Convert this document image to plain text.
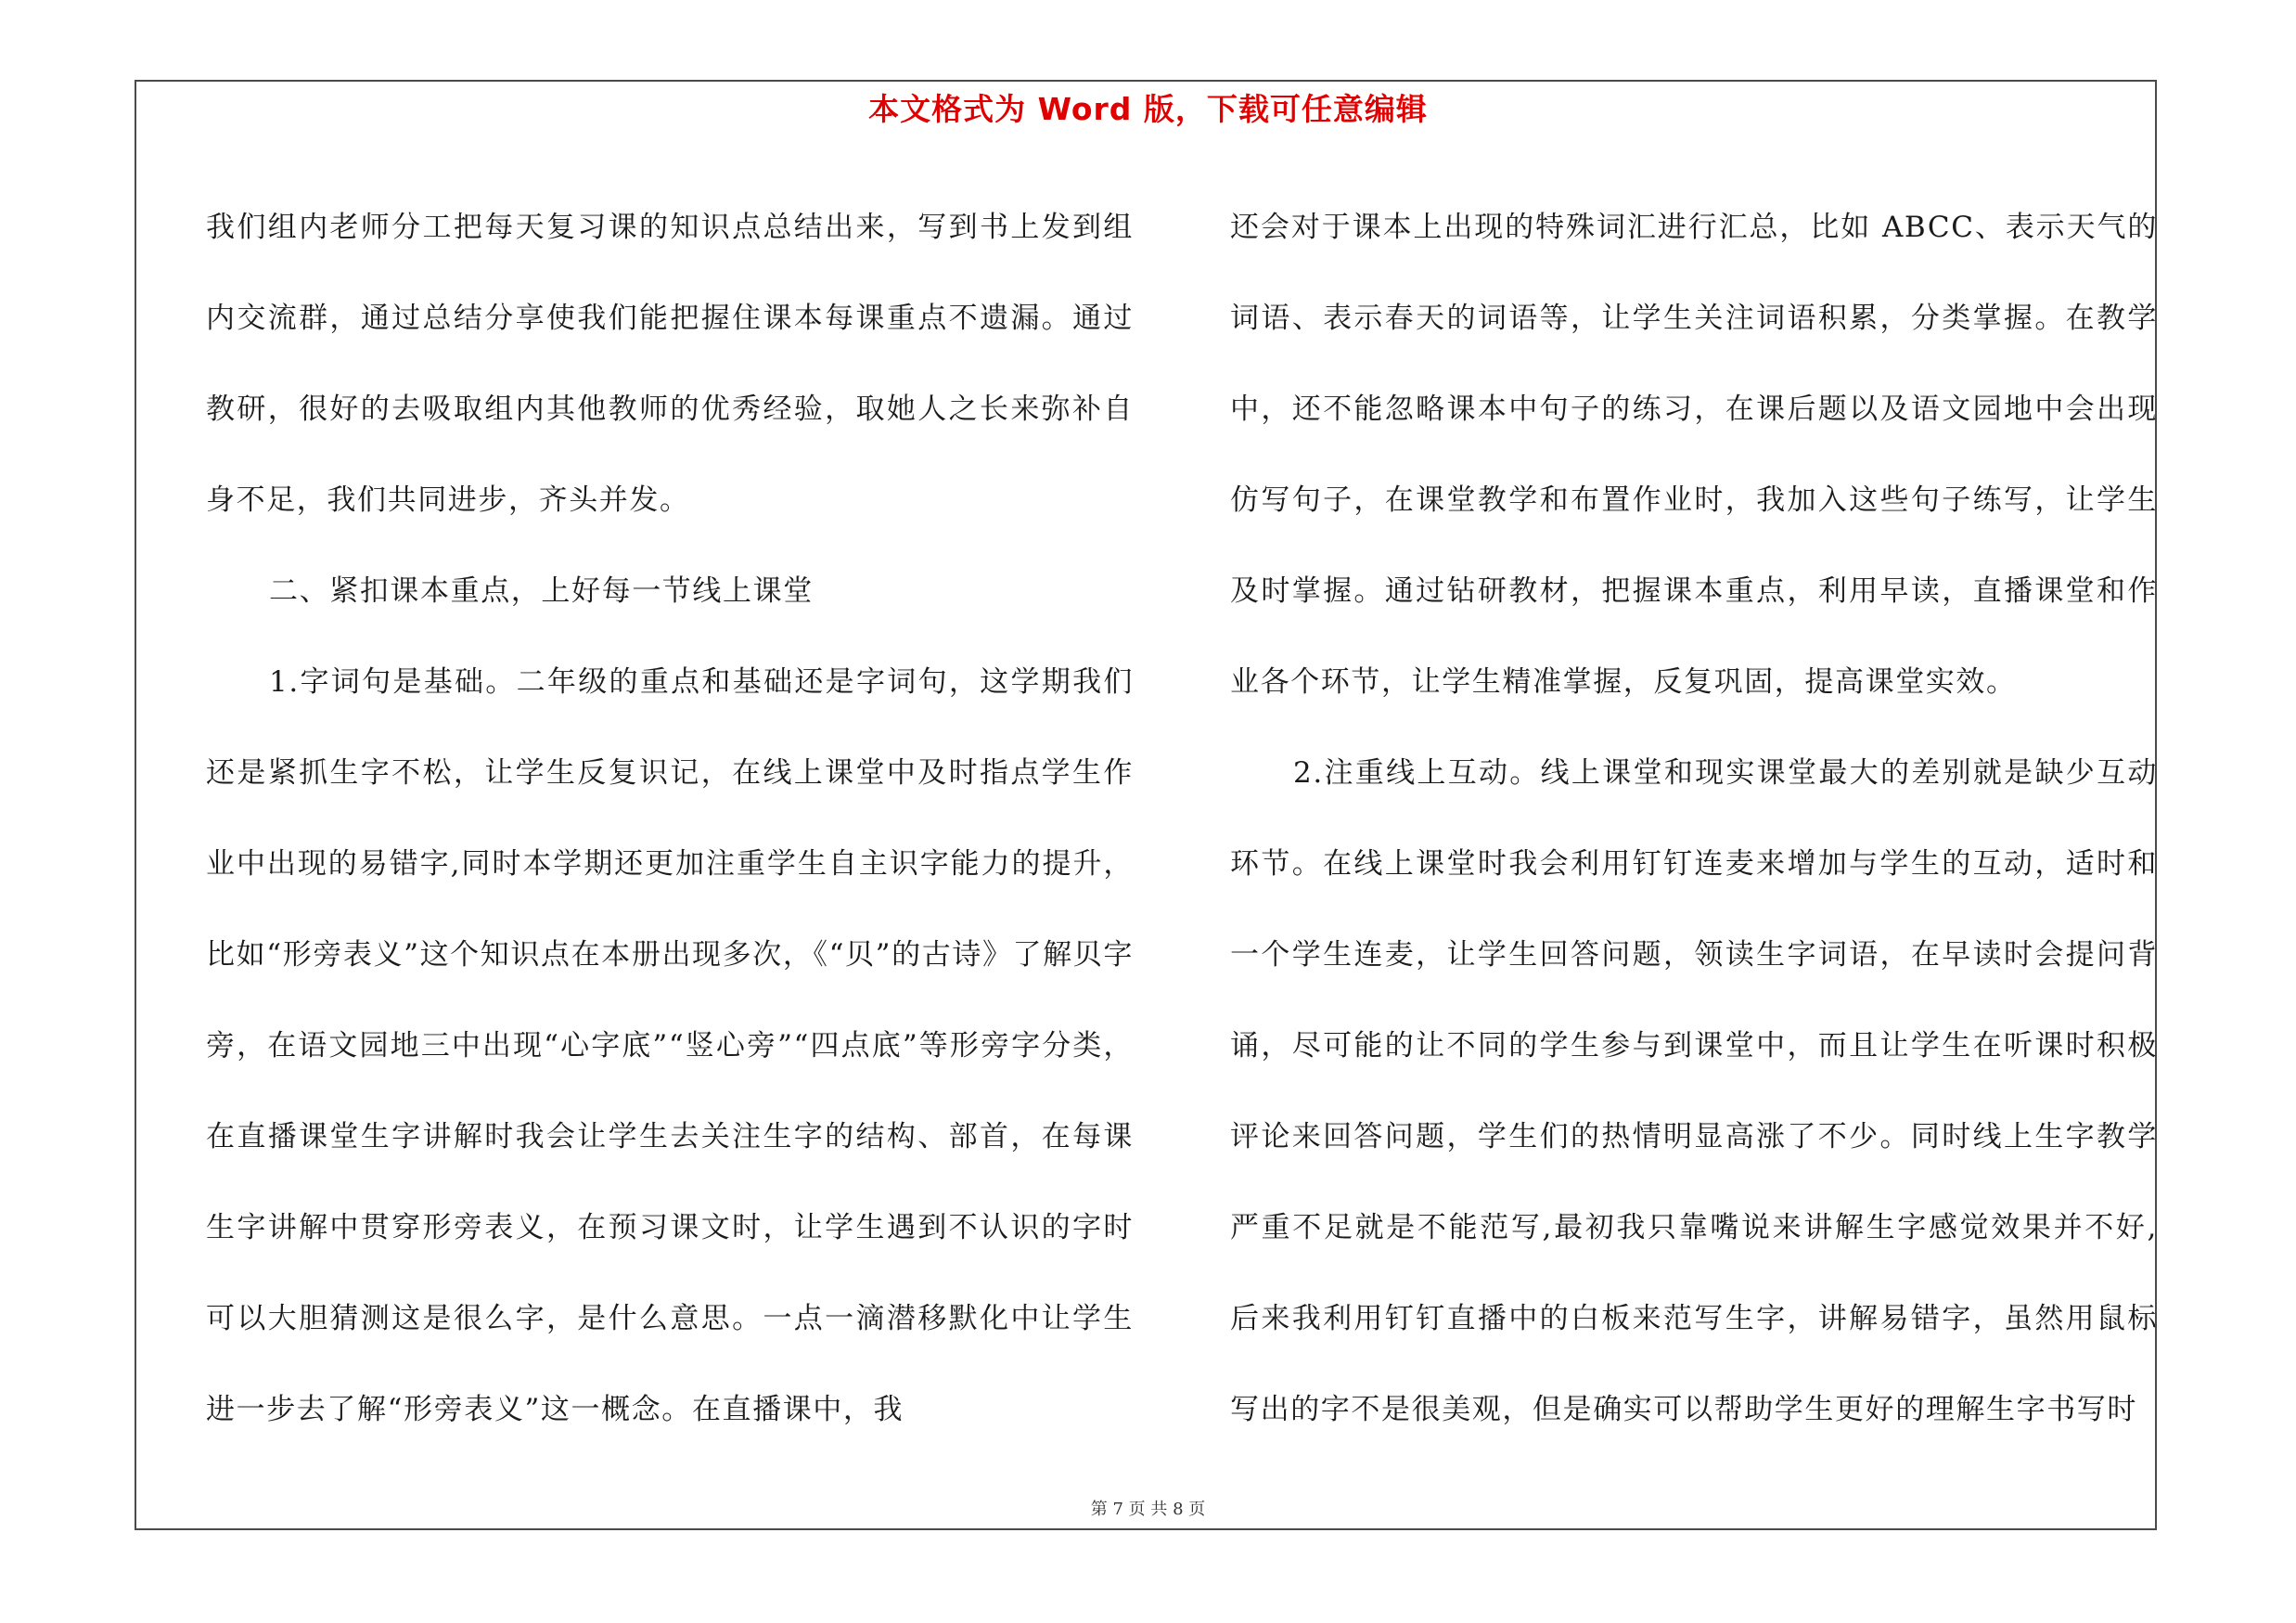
本文格式为 Word 版，下载可任意编辑

我们组内老师分工把每天复习课的知识点总结出来，写到书上发到组内交流群，通过总结分享使我们能把握住课本每课重点不遗漏。通过教研，很好的去吸取组内其他教师的优秀经验，取她人之长来弥补自身不足，我们共同进步，齐头并发。

二、紧扣课本重点，上好每一节线上课堂

1.字词句是基础。二年级的重点和基础还是字词句，这学期我们还是紧抓生字不松，让学生反复识记，在线上课堂中及时指点学生作业中出现的易错字,同时本学期还更加注重学生自主识字能力的提升，比如“形旁表义”这个知识点在本册出现多次，《“贝”的古诗》了解贝字旁，在语文园地三中出现“心字底”“竖心旁”“四点底”等形旁字分类，在直播课堂生字讲解时我会让学生去关注生字的结构、部首，在每课生字讲解中贯穿形旁表义，在预习课文时，让学生遇到不认识的字时可以大胆猜测这是很么字，是什么意思。一点一滴潜移默化中让学生进一步去了解“形旁表义”这一概念。在直播课中，我

还会对于课本上出现的特殊词汇进行汇总，比如 ABCC、表示天气的词语、表示春天的词语等，让学生关注词语积累，分类掌握。在教学中，还不能忽略课本中句子的练习，在课后题以及语文园地中会出现仿写句子，在课堂教学和布置作业时，我加入这些句子练写，让学生及时掌握。通过钻研教材，把握课本重点，利用早读，直播课堂和作业各个环节，让学生精准掌握，反复巩固，提高课堂实效。

2.注重线上互动。线上课堂和现实课堂最大的差别就是缺少互动环节。在线上课堂时我会利用钉钉连麦来增加与学生的互动，适时和一个学生连麦，让学生回答问题，领读生字词语，在早读时会提问背诵，尽可能的让不同的学生参与到课堂中，而且让学生在听课时积极评论来回答问题，学生们的热情明显高涨了不少。同时线上生字教学严重不足就是不能范写,最初我只靠嘴说来讲解生字感觉效果并不好,后来我利用钉钉直播中的白板来范写生字，讲解易错字，虽然用鼠标写出的字不是很美观，但是确实可以帮助学生更好的理解生字书写时

第 7 页 共 8 页
